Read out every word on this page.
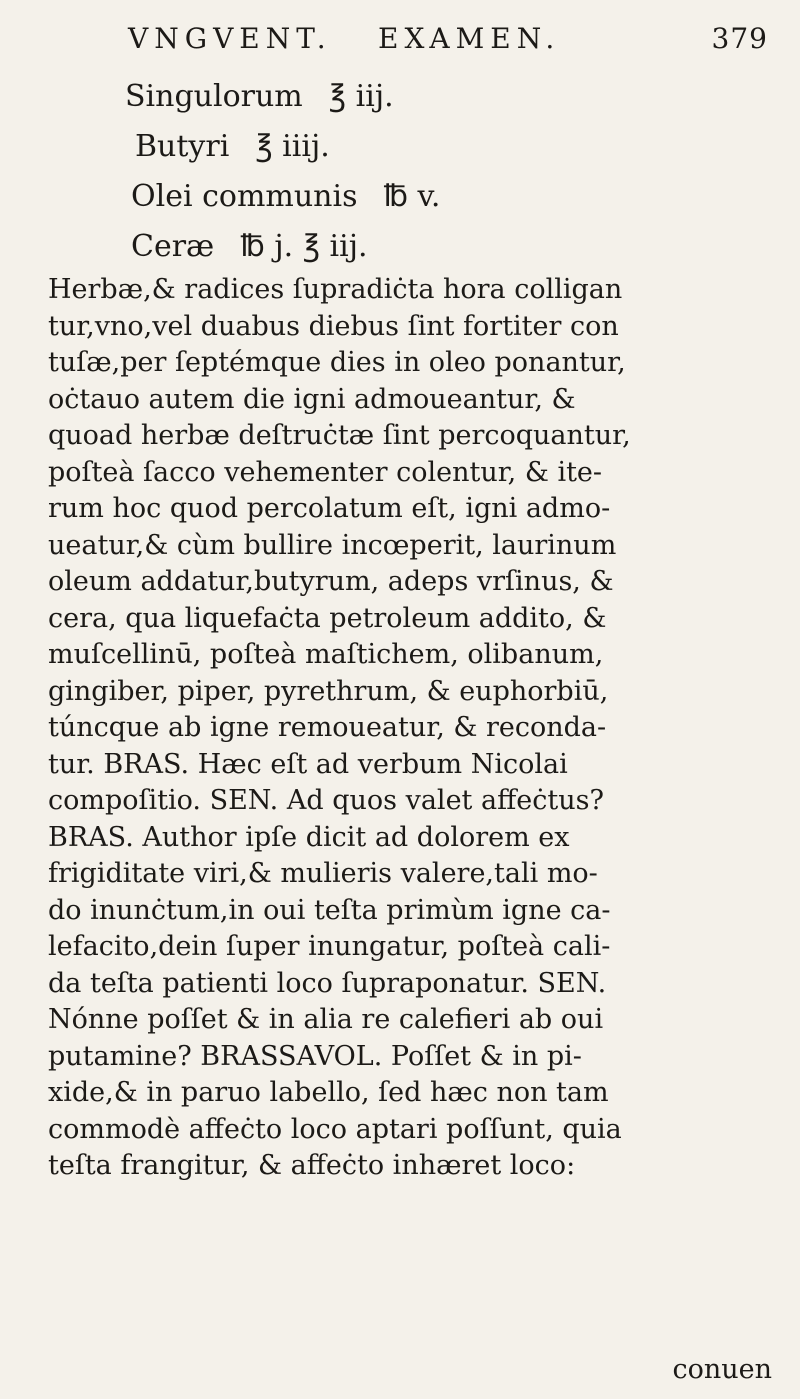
VNGVENT. EXAMEN.	379
Singulorum ℥ iij.
Butyri ℥ iiij.
Olei communis ℔ v.
Ceræ ℔ j. ℥ iij.
Herbæ,& radices ſupradiċta hora colligan
tur,vno,vel duabus diebus ſint fortiter con
tuſæ,per ſeptémque dies in oleo ponantur,
oċtauo autem die igni admoueantur, &
quoad herbæ deſtruċtæ ſint percoquantur,
poſteà ſacco vehementer colentur, & ite-
rum hoc quod percolatum eſt, igni admo-
ueatur,& cùm bullire incœperit, laurinum
oleum addatur,butyrum, adeps vrſinus, &
cera, qua liquefaċta petroleum addito, &
muſcellinū, poſteà maſtichem, olibanum,
gingiber, piper, pyrethrum, & euphorbiū,
túncque ab igne remoueatur, & reconda-
tur. BRAS. Hæc eſt ad verbum Nicolai
compoſitio. SEN. Ad quos valet affeċtus?
BRAS. Author ipſe dicit ad dolorem ex
frigiditate viri,& mulieris valere,tali mo-
do inunċtum,in oui teſta primùm igne ca-
lefacito,dein ſuper inungatur, poſteà cali-
da teſta patienti loco ſupraponatur. SEN.
Nónne poſſet & in alia re calefieri ab oui
putamine? BRASSAVOL. Poſſet & in pi-
xide,& in paruo labello, ſed hæc non tam
commodè affeċto loco aptari poſſunt, quia
teſta frangitur, & affeċto inhæret loco:
conuen
